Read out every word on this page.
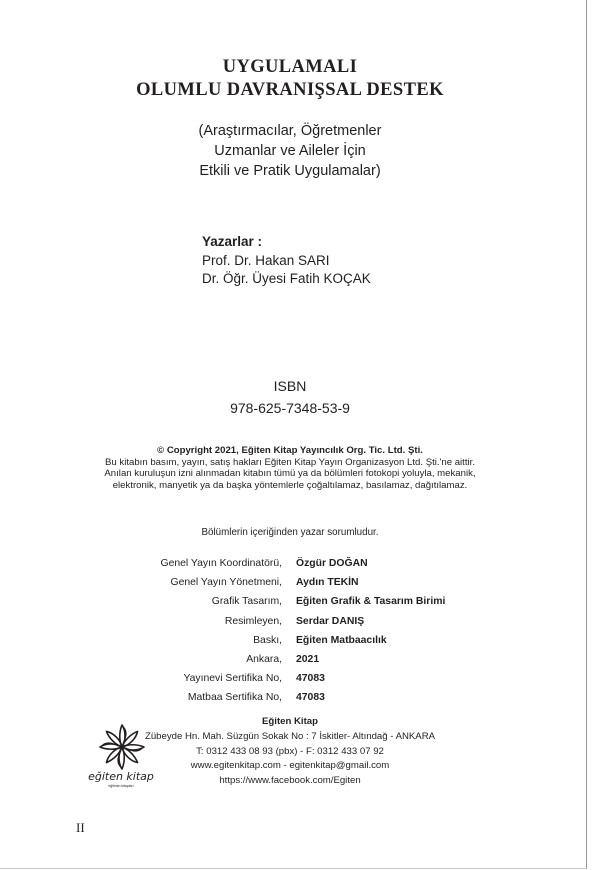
UYGULAMALI
OLUMLU DAVRANIŞSAL DESTEK
(Araştırmacılar, Öğretmenler
Uzmanlar ve Aileler İçin
Etkili ve Pratik Uygulamalar)
Yazarlar :
Prof. Dr. Hakan SARI
Dr. Öğr. Üyesi Fatih KOÇAK
ISBN
978-625-7348-53-9
© Copyright 2021, Eğiten Kitap Yayıncılık Org. Tic. Ltd. Şti.
Bu kitabın basım, yayın, satış hakları Eğiten Kitap Yayın Organizasyon Ltd. Şti.'ne aittir.
Anılan kuruluşun izni alınmadan kitabın tümü ya da bölümleri fotokopi yoluyla, mekanik,
elektronik, manyetik ya da başka yöntemlerle çoğaltılamaz, basılamaz, dağıtılamaz.
Bölümlerin içeriğinden yazar sorumludur.
Genel Yayın Koordinatörü, Özgür DOĞAN
Genel Yayın Yönetmeni, Aydın TEKİN
Grafik Tasarım, Eğiten Grafik & Tasarım Birimi
Resimleyen, Serdar DANIŞ
Baskı, Eğiten Matbaacılık
Ankara, 2021
Yayınevi Sertifika No, 47083
Matbaa Sertifika No, 47083
eğiten kitap
eğitimin kitapları
Eğiten Kitap
Zübeyde Hn. Mah. Süzgün Sokak No : 7 İskitler- Altındağ - ANKARA
T: 0312 433 08 93 (pbx) - F: 0312 433 07 92
www.egitenkitap.com - egitenkitap@gmail.com
https://www.facebook.com/Egiten
II
